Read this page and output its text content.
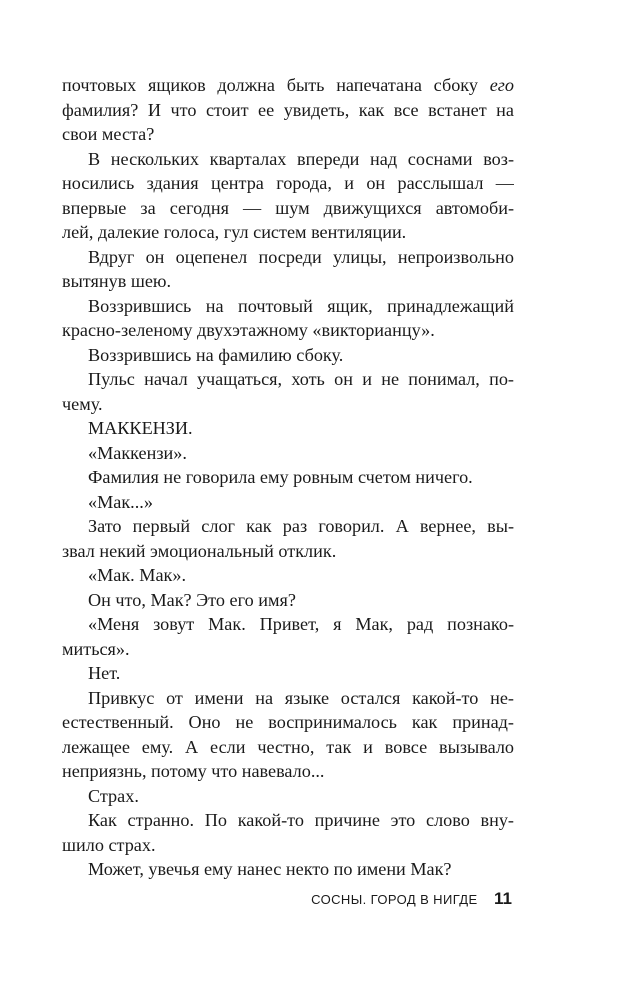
почтовых ящиков должна быть напечатана сбоку его
фамилия? И что стоит ее увидеть, как все встанет на
свои места?
В нескольких кварталах впереди над соснами воз-
носились здания центра города, и он расслышал —
впервые за сегодня — шум движущихся автомоби-
лей, далекие голоса, гул систем вентиляции.
Вдруг он оцепенел посреди улицы, непроизвольно
вытянув шею.
Воззрившись на почтовый ящик, принадлежащий
красно-зеленому двухэтажному «викторианцу».
Воззрившись на фамилию сбоку.
Пульс начал учащаться, хоть он и не понимал, по-
чему.
МАККЕНЗИ.
«Маккензи».
Фамилия не говорила ему ровным счетом ничего.
«Мак...»
Зато первый слог как раз говорил. А вернее, вы-
звал некий эмоциональный отклик.
«Мак. Мак».
Он что, Мак? Это его имя?
«Меня зовут Мак. Привет, я Мак, рад познако-
миться».
Нет.
Привкус от имени на языке остался какой-то не-
естественный. Оно не воспринималось как принад-
лежащее ему. А если честно, так и вовсе вызывало
неприязнь, потому что навевало...
Страх.
Как странно. По какой-то причине это слово вну-
шило страх.
Может, увечья ему нанес некто по имени Мак?
СОСНЫ. ГОРОД В НИГДЕ 11
